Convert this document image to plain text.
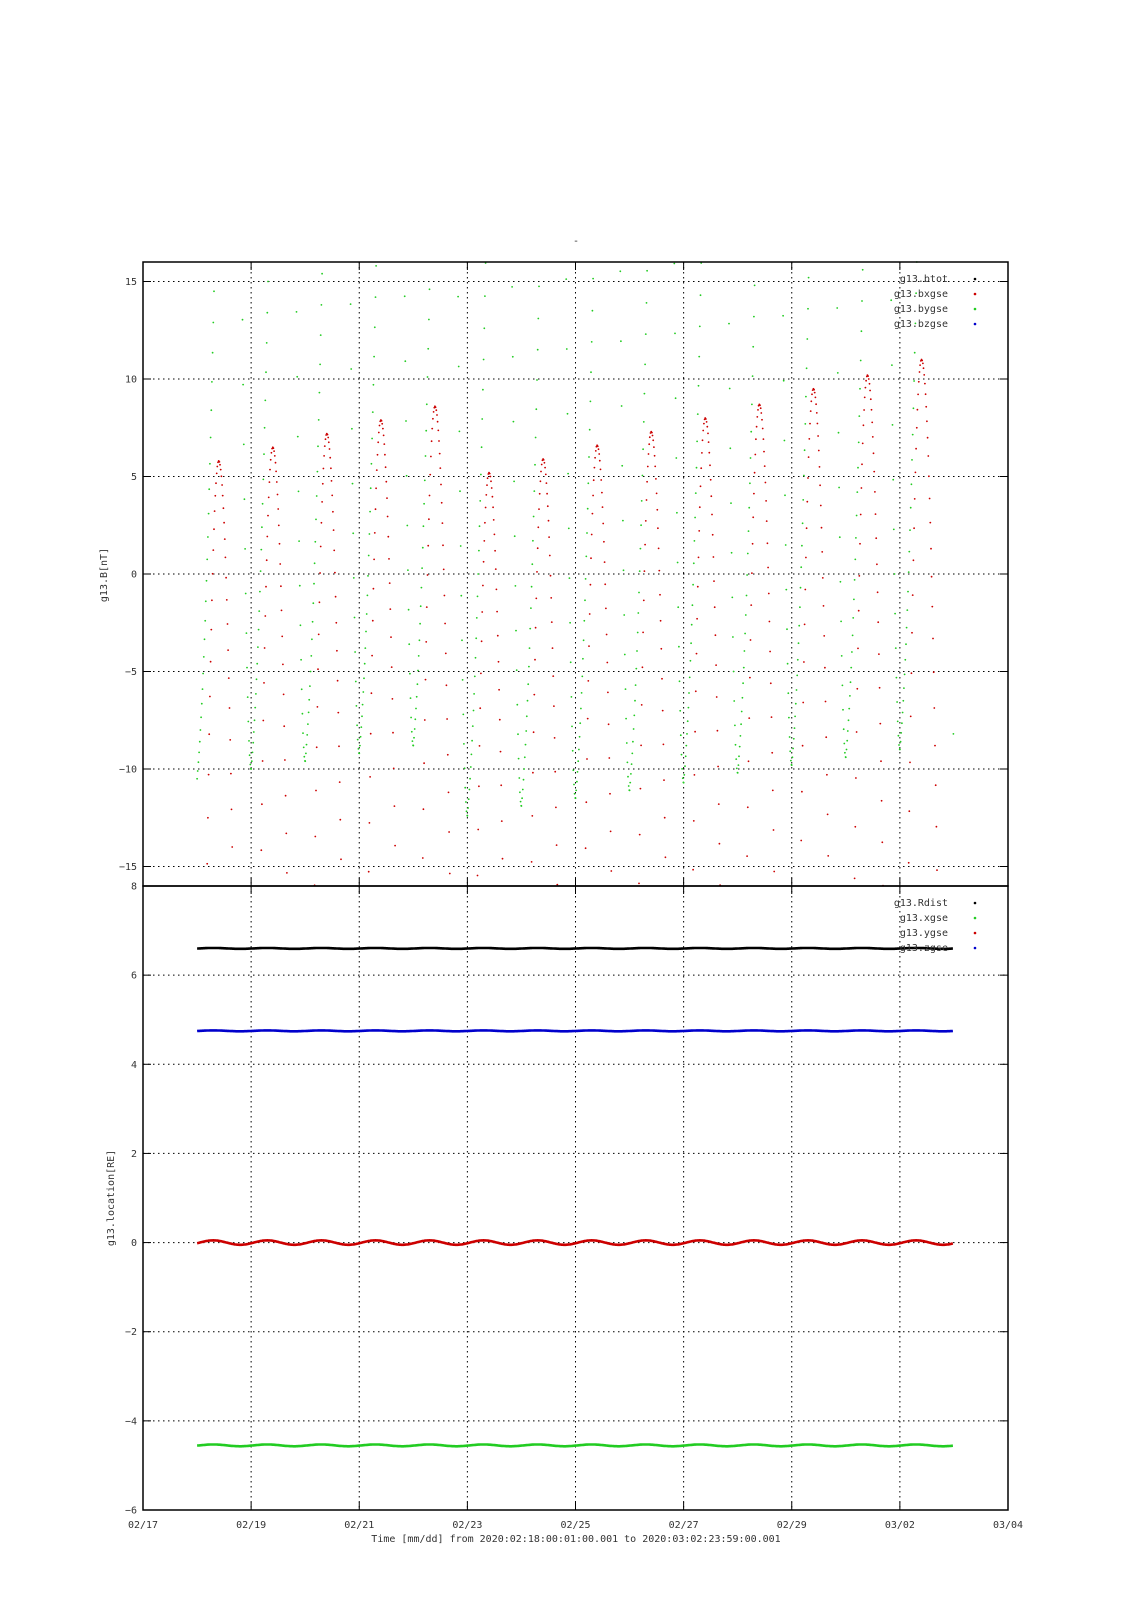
-
−15
−10
−5
0
5
10
15	g13.btot
g13.bxgse
g13.bygse
g13.bzgse
g13.B[nT]
−6
−4
−2
0
2
4
6
8
g13.Rdist
g13.xgse
g13.ygse
g13.zgse
g13.location[RE]
02/17	02/19	02/21	02/23	02/25	02/27	02/29	03/02	03/04
Time [mm/dd] from 2020:02:18:00:01:00.001 to 2020:03:02:23:59:00.001
